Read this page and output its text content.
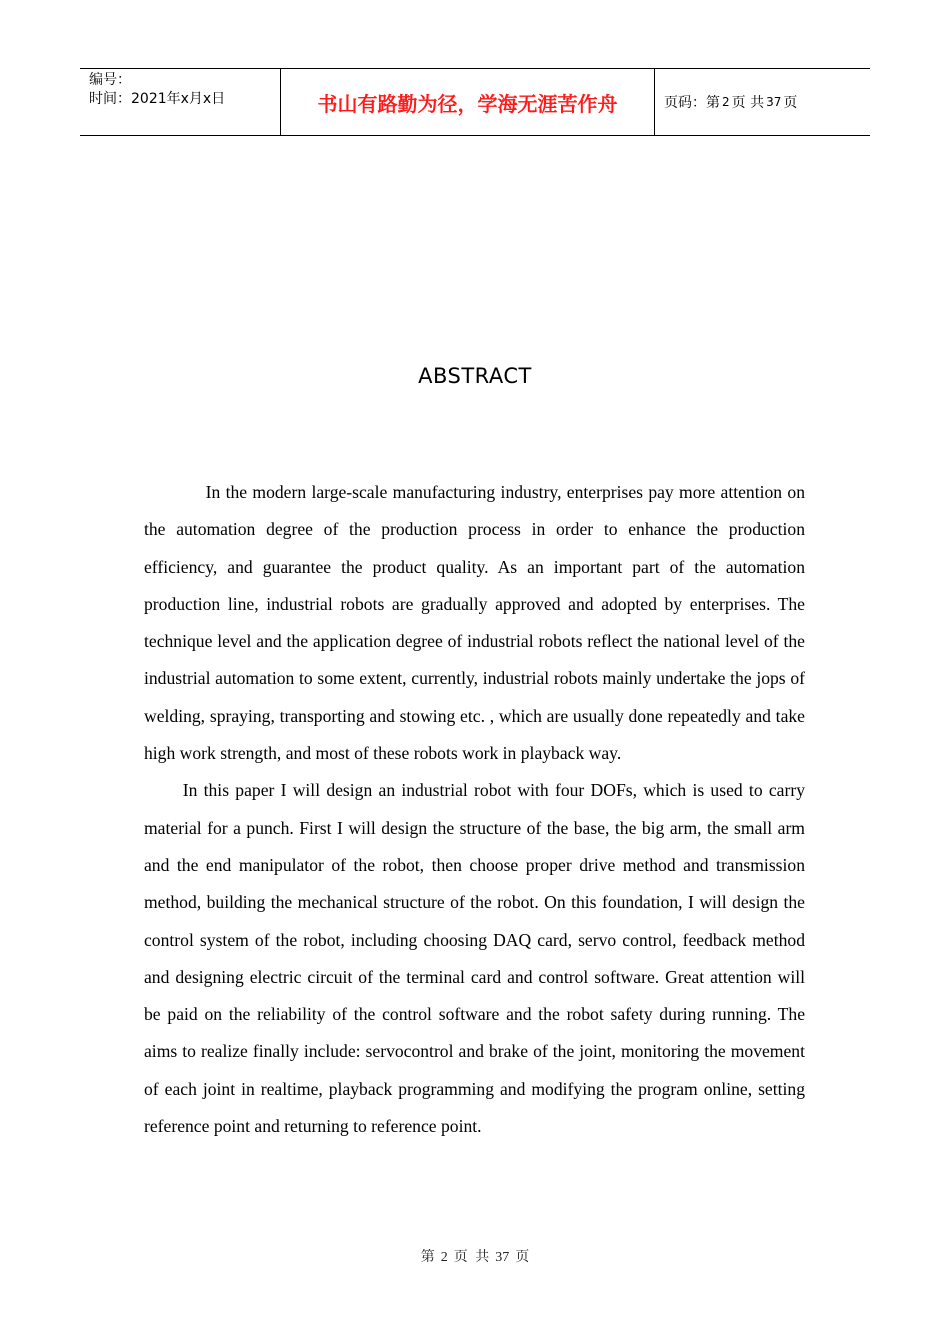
编号：
时间：2021年x月x日	书山有路勤为径，学海无涯苦作舟	页码：第 2 页 共 37 页
ABSTRACT

In the modern large-scale manufacturing industry, enterprises pay more attention on the automation degree of the production process in order to enhance the production efficiency, and guarantee the product quality. As an important part of the automation production line, industrial robots are gradually approved and adopted by enterprises. The technique level and the application degree of industrial robots reflect the national level of the industrial automation to some extent, currently, industrial robots mainly undertake the jops of welding, spraying, transporting and stowing etc. , which are usually done repeatedly and take high work strength, and most of these robots work in playback way.

In this paper I will design an industrial robot with four DOFs, which is used to carry material for a punch. First I will design the structure of the base, the big arm, the small arm and the end manipulator of the robot, then choose proper drive method and transmission method, building the mechanical structure of the robot. On this foundation, I will design the control system of the robot, including choosing DAQ card, servo control, feedback method and designing electric circuit of the terminal card and control software. Great attention will be paid on the reliability of the control software and the robot safety during running. The aims to realize finally include: servocontrol and brake of the joint, monitoring the movement of each joint in realtime, playback programming and modifying the program online, setting reference point and returning to reference point.

第 2 页 共 37 页
